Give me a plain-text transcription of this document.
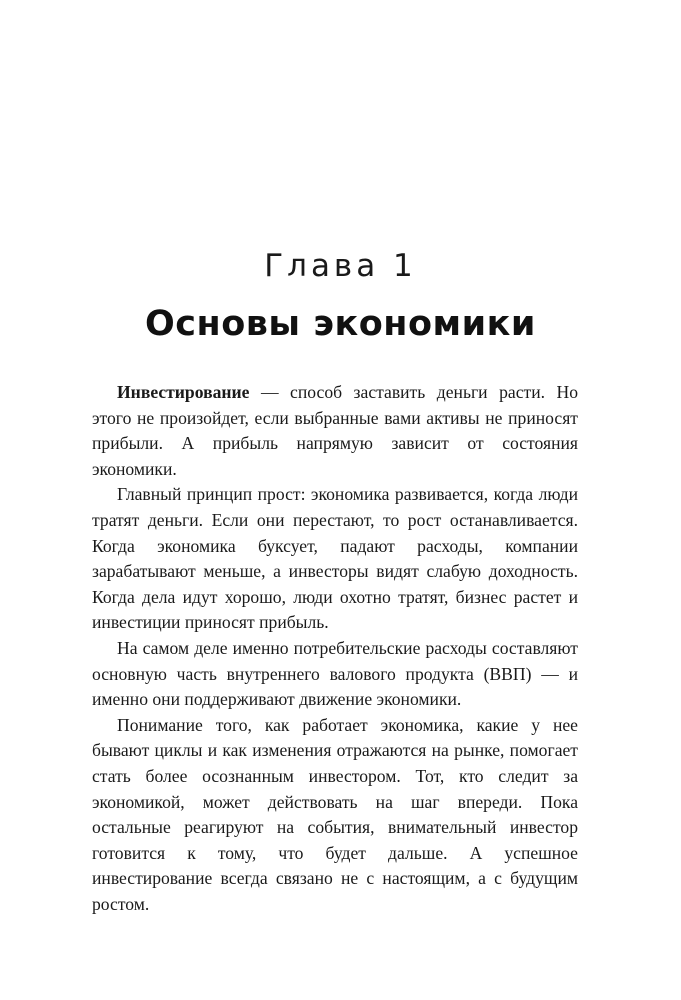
Глава 1
Основы экономики

Инвестирование — способ заставить деньги расти. Но этого не произойдет, если выбранные вами активы не приносят прибыли. А прибыль напрямую зависит от состояния экономики.

Главный принцип прост: экономика развивается, когда люди тратят деньги. Если они перестают, то рост останавливается. Когда экономика буксует, падают расходы, компании зарабатывают меньше, а инвесторы видят слабую доходность. Когда дела идут хорошо, люди охотно тратят, бизнес растет и инвестиции приносят прибыль.

На самом деле именно потребительские расходы составляют основную часть внутреннего валового продукта (ВВП) — и именно они поддерживают движение экономики.

Понимание того, как работает экономика, какие у нее бывают циклы и как изменения отражаются на рынке, помогает стать более осознанным инвестором. Тот, кто следит за экономикой, может действовать на шаг впереди. Пока остальные реагируют на события, внимательный инвестор готовится к тому, что будет дальше. А успешное инвестирование всегда связано не с настоящим, а с будущим ростом.
